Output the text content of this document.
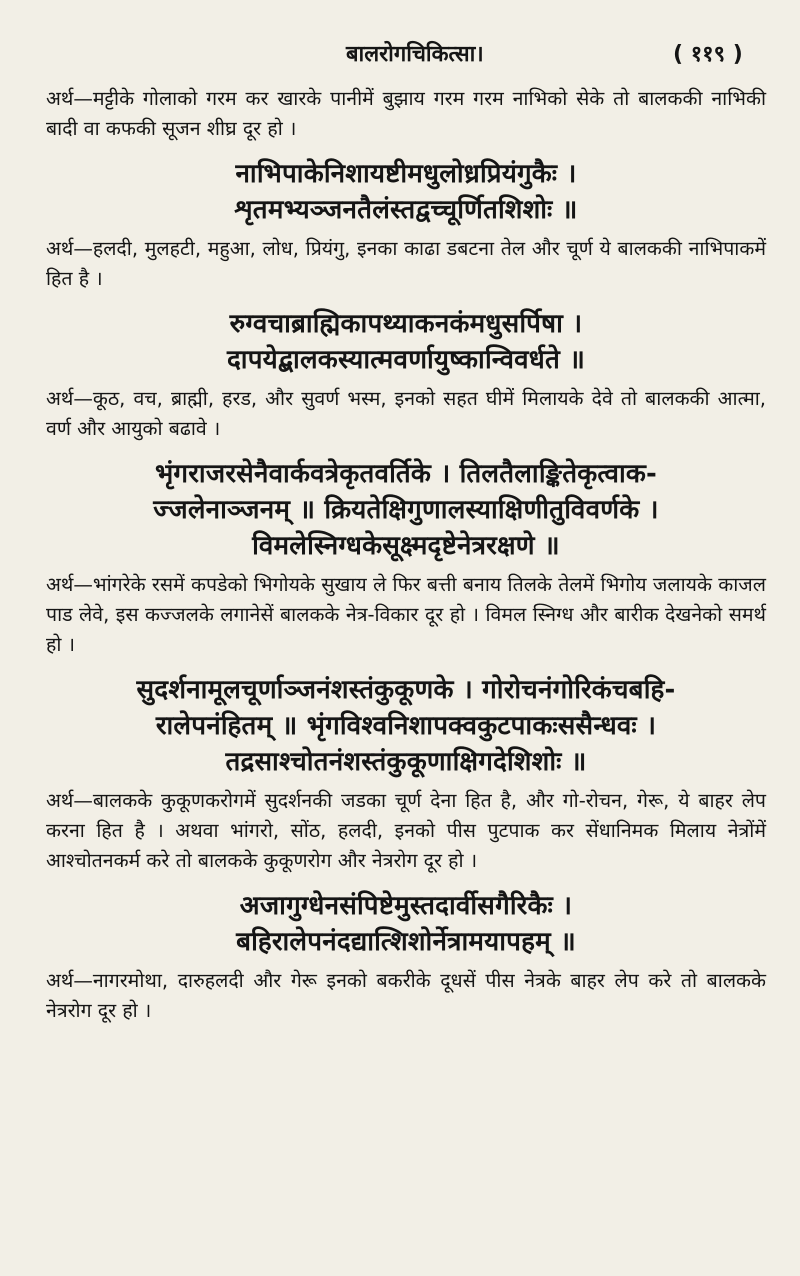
बालरोगचिकित्सा।	( ११९ )

अर्थ—मट्टीके गोलाको गरम कर खारके पानीमें बुझाय गरम गरम नाभिको सेके तो बालककी नाभिकी बादी वा कफकी सूजन शीघ्र दूर हो ।

नाभिपाकेनिशायष्टीमधुलोध्रप्रियंगुकैः ।
शृतमभ्यञ्जनतैलंस्तद्वच्चूर्णितशिशोः ॥

अर्थ—हलदी, मुलहटी, महुआ, लोध, प्रियंगु, इनका काढा डबटना तेल और चूर्ण ये बालककी नाभिपाकमें हित है ।

रुग्वचाब्राह्मिकापथ्याकनकंमधुसर्पिषा ।
दापयेद्बालकस्यात्मवर्णायुष्कान्विवर्धते ॥

अर्थ—कूठ, वच, ब्राह्मी, हरड, और सुवर्ण भस्म, इनको सहत घीमें मिलायके देवे तो बालककी आत्मा, वर्ण और आयुको बढावे ।

भृंगराजरसेनैवार्कवत्रेकृतवर्तिके । तिलतैलाङ्कितेकृत्वाक-
ज्जलेनाञ्जनम् ॥ क्रियतेक्षिगुणालस्याक्षिणीतुविवर्णके ।
विमलेस्निग्धकेसूक्ष्मदृष्टेनेत्ररक्षणे ॥

अर्थ—भांगरेके रसमें कपडेको भिगोयके सुखाय ले फिर बत्ती बनाय तिलके तेलमें भिगोय जलायके काजल पाड लेवे, इस कज्जलके लगानेसें बालकके नेत्र-विकार दूर हो । विमल स्निग्ध और बारीक देखनेको समर्थ हो ।

सुदर्शनामूलचूर्णाञ्जनंशस्तंकुकूणके । गोरोचनंगोरिकंचबहि-
रालेपनंहितम् ॥ भृंगविश्वनिशापक्वकुटपाकःससैन्धवः ।
तद्रसाश्चोतनंशस्तंकुकूणाक्षिगदेशिशोः ॥

अर्थ—बालकके कुकूणकरोगमें सुदर्शनकी जडका चूर्ण देना हित है, और गो-रोचन, गेरू, ये बाहर लेप करना हित है । अथवा भांगरो, सोंठ, हलदी, इनको पीस पुटपाक कर सेंधानिमक मिलाय नेत्रोंमें आश्चोतनकर्म करे तो बालकके कुकूणरोग और नेत्ररोग दूर हो ।

अजागुग्धेनसंपिष्टेमुस्तदार्वीसगैरिकैः ।
बहिरालेपनंदद्यात्शिशोर्नेत्रामयापहम् ॥

अर्थ—नागरमोथा, दारुहलदी और गेरू इनको बकरीके दूधसें पीस नेत्रके बाहर लेप करे तो बालकके नेत्ररोग दूर हो ।
